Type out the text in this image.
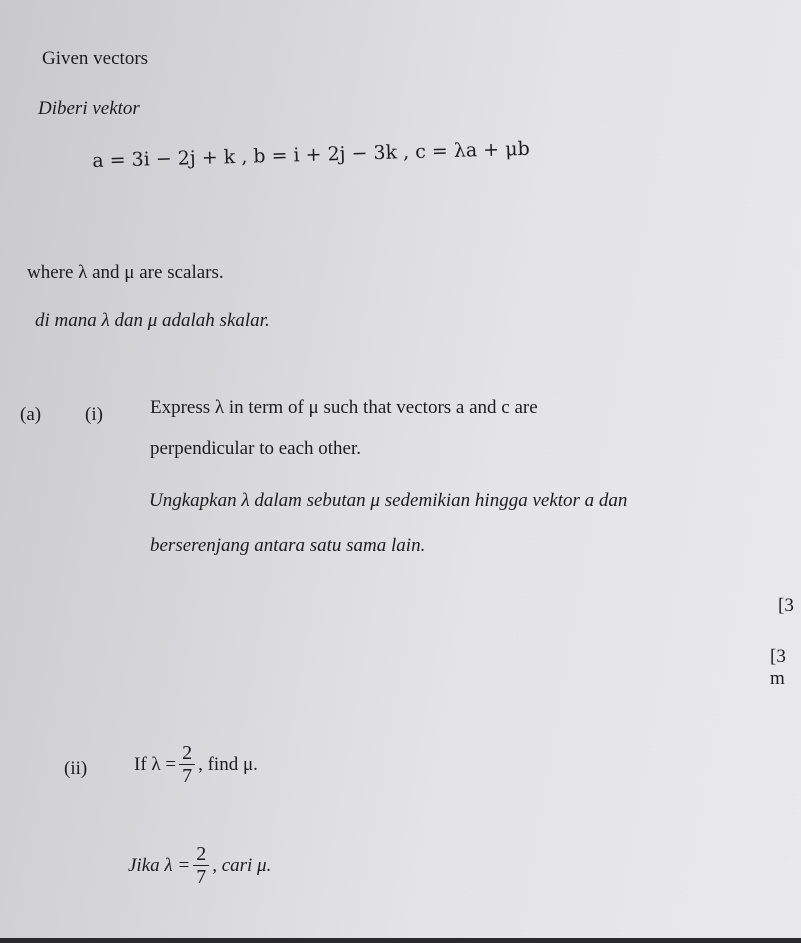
Given vectors
Diberi vektor
a = 3i − 2j + k , b = i + 2j − 3k , c = λa + μb
where λ and μ are scalars.
di mana λ dan μ adalah skalar.
(a) (i) Express λ in term of μ such that vectors a and c are
perpendicular to each other.
Ungkapkan λ dalam sebutan μ sedemikian hingga vektor a dan
berserenjang antara satu sama lain.
[3
[3 m
(ii) If $\lambda = \frac{2}{7}$ , find μ.
Jika $\lambda = \frac{2}{7}$ , cari μ.
